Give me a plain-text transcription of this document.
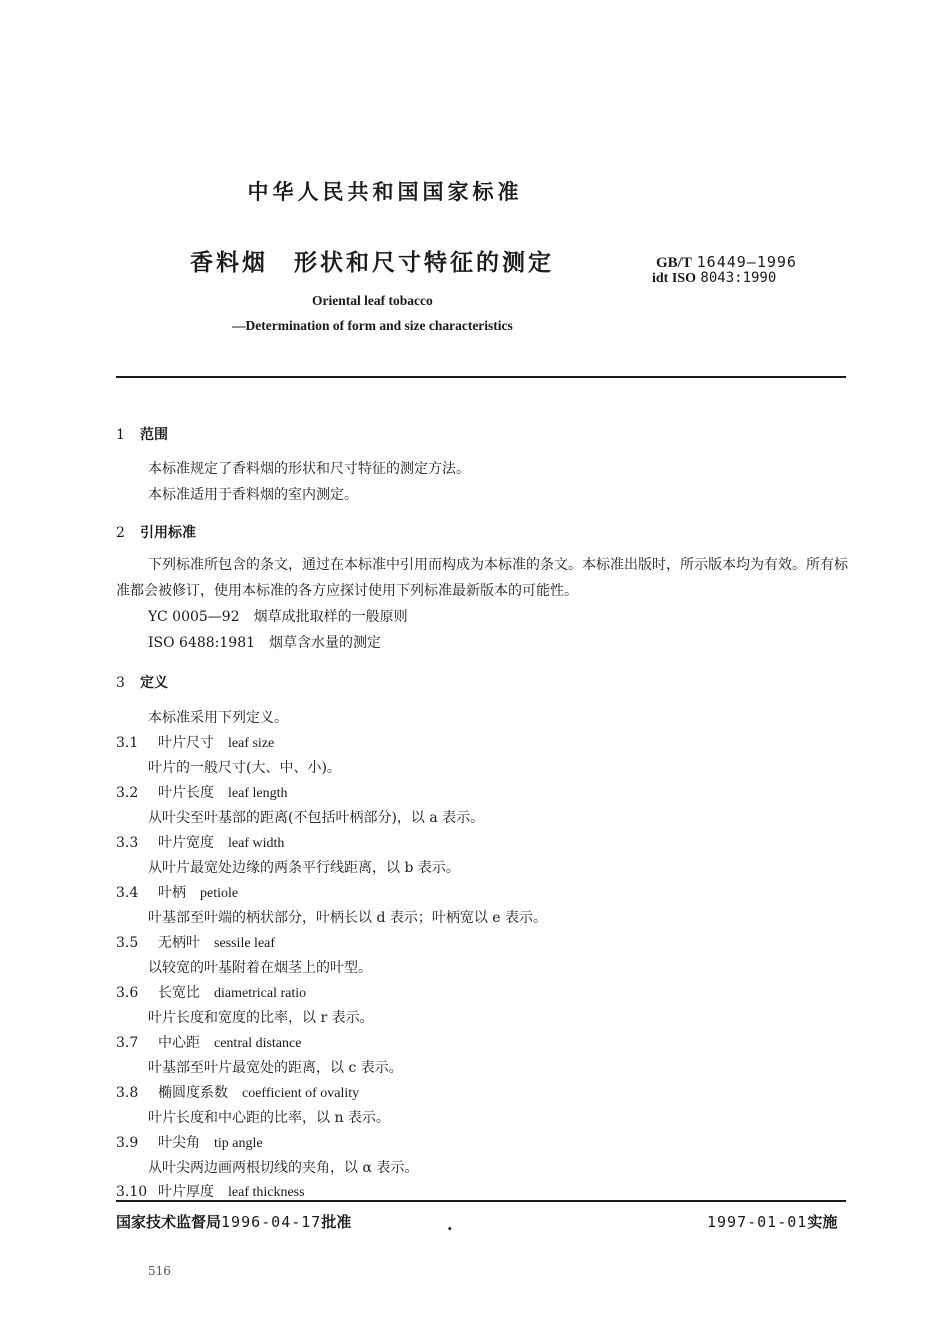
中华人民共和国国家标准
香料烟　形状和尺寸特征的测定	GB/T 16449—1996
idt ISO 8043:1990
Oriental leaf tobacco
—Determination of form and size characteristics
1 范围
本标准规定了香料烟的形状和尺寸特征的测定方法。
本标准适用于香料烟的室内测定。
2 引用标准
下列标准所包含的条文，通过在本标准中引用而构成为本标准的条文。本标准出版时，所示版本均为有效。所有标准都会被修订，使用本标准的各方应探讨使用下列标准最新版本的可能性。
YC 0005—92　烟草成批取样的一般原则
ISO 6488:1981　烟草含水量的测定
3 定义
本标准采用下列定义。
3.1 叶片尺寸 leaf size
叶片的一般尺寸(大、中、小)。
3.2 叶片长度 leaf length
从叶尖至叶基部的距离(不包括叶柄部分)，以 a 表示。
3.3 叶片宽度 leaf width
从叶片最宽处边缘的两条平行线距离，以 b 表示。
3.4 叶柄 petiole
叶基部至叶端的柄状部分，叶柄长以 d 表示；叶柄宽以 e 表示。
3.5 无柄叶 sessile leaf
以较宽的叶基附着在烟茎上的叶型。
3.6 长宽比 diametrical ratio
叶片长度和宽度的比率，以 r 表示。
3.7 中心距 central distance
叶基部至叶片最宽处的距离，以 c 表示。
3.8 椭圆度系数 coefficient of ovality
叶片长度和中心距的比率，以 n 表示。
3.9 叶尖角 tip angle
从叶尖两边画两根切线的夹角，以 α 表示。
3.10 叶片厚度 leaf thickness
国家技术监督局1996-04-17批准	.	1997-01-01实施
516
